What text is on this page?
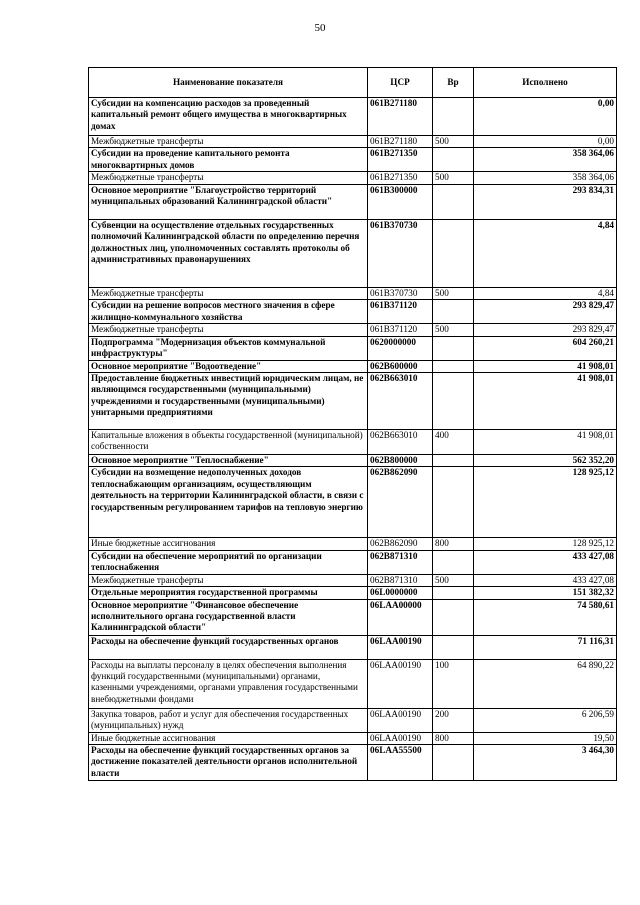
50
Наименование показателя	ЦСР	Вр	Исполнено
Субсидии на компенсацию расходов за проведенный капитальный ремонт общего имущества в многоквартирных домах	061B271180		0,00
Межбюджетные трансферты	061B271180	500	0,00
Субсидии на проведение капитального ремонта многоквартирных домов	061B271350		358 364,06
Межбюджетные трансферты	061B271350	500	358 364,06
Основное мероприятие "Благоустройство территорий муниципальных образований Калининградской области"	061B300000		293 834,31
Субвенции на осуществление отдельных государственных полномочий Калининградской области по определению перечня должностных лиц, уполномоченных составлять протоколы об административных правонарушениях	061B370730		4,84
Межбюджетные трансферты	061B370730	500	4,84
Субсидии на решение вопросов местного значения в сфере жилищно-коммунального хозяйства	061B371120		293 829,47
Межбюджетные трансферты	061B371120	500	293 829,47
Подпрограмма "Модернизация объектов коммунальной инфраструктуры"	0620000000		604 260,21
Основное мероприятие "Водоотведение"	062B600000		41 908,01
Предоставление бюджетных инвестиций юридическим лицам, не являющимся государственными (муниципальными) учреждениями и государственными (муниципальными) унитарными предприятиями	062B663010		41 908,01
Капитальные вложения в объекты государственной (муниципальной) собственности	062B663010	400	41 908,01
Основное мероприятие "Теплоснабжение"	062B800000		562 352,20
Субсидии на возмещение недополученных доходов теплоснабжающим организациям, осуществляющим деятельность на территории Калининградской области, в связи с государственным регулированием тарифов на тепловую энергию	062B862090		128 925,12
Иные бюджетные ассигнования	062B862090	800	128 925,12
Субсидии на обеспечение мероприятий по организации теплоснабжения	062B871310		433 427,08
Межбюджетные трансферты	062B871310	500	433 427,08
Отдельные мероприятия государственной программы	06L0000000		151 382,32
Основное мероприятие "Финансовое обеспечение исполнительного органа государственной власти Калининградской области"	06LAA00000		74 580,61
Расходы на обеспечение функций государственных органов	06LAA00190		71 116,31
Расходы на выплаты персоналу в целях обеспечения выполнения функций государственными (муниципальными) органами, казенными учреждениями, органами управления государственными внебюджетными фондами	06LAA00190	100	64 890,22
Закупка товаров, работ и услуг для обеспечения государственных (муниципальных) нужд	06LAA00190	200	6 206,59
Иные бюджетные ассигнования	06LAA00190	800	19,50
Расходы на обеспечение функций государственных органов за достижение показателей деятельности органов исполнительной власти	06LAA55500		3 464,30
